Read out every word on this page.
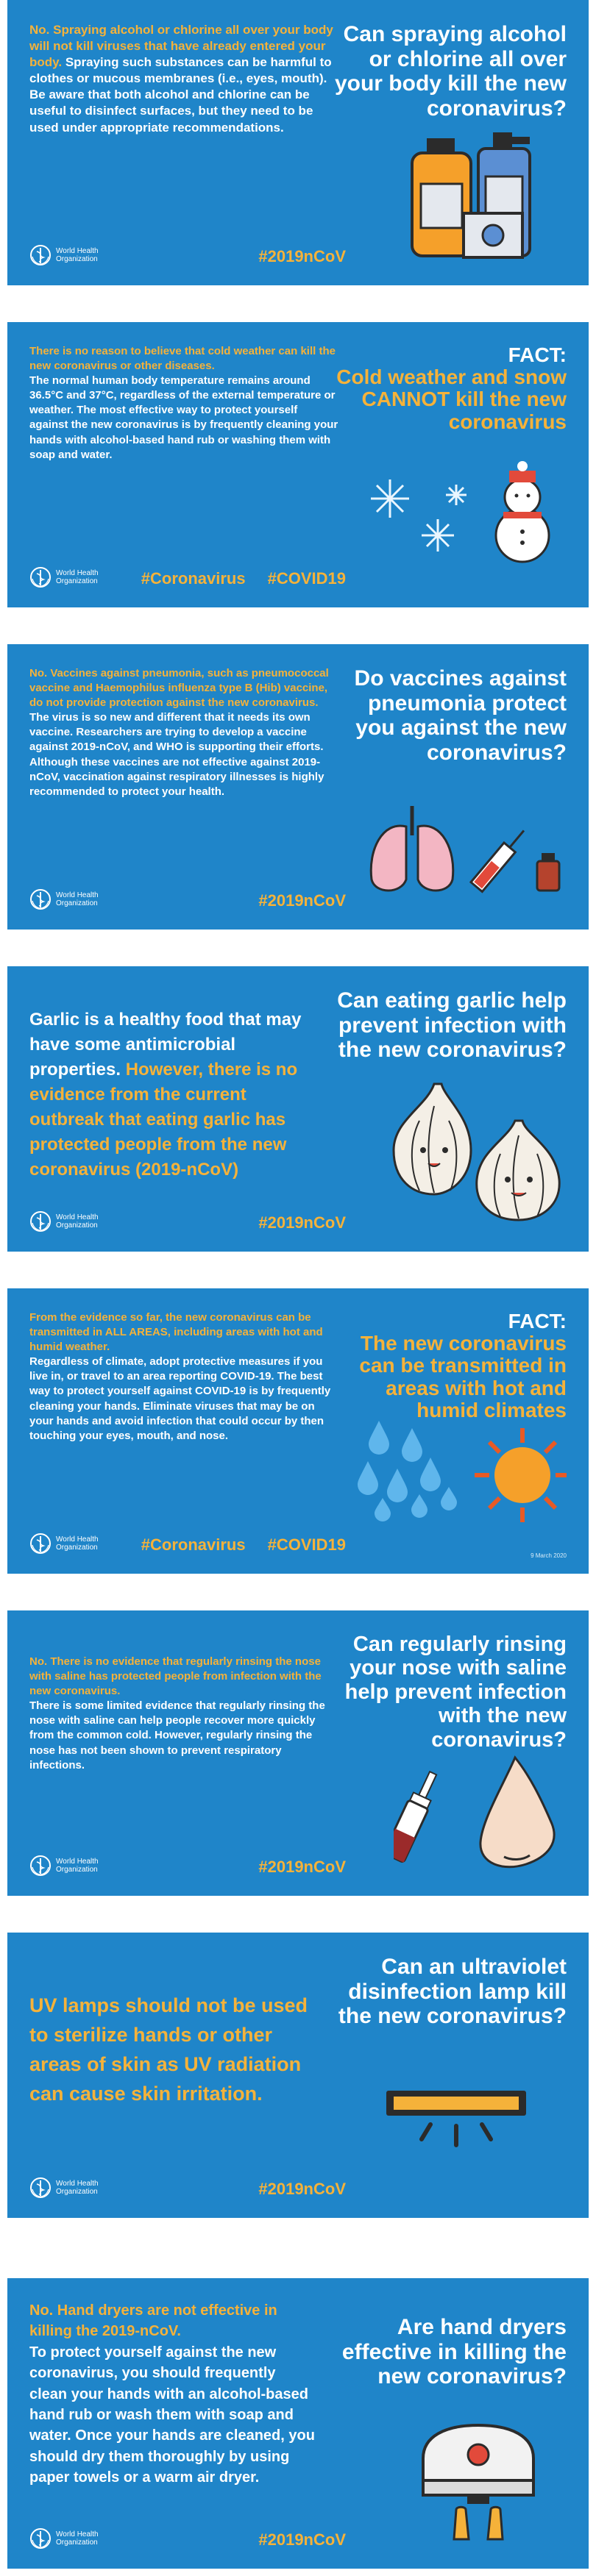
No. Spraying alcohol or chlorine all over your body will not kill viruses that have already entered your body. Spraying such substances can be harmful to clothes or mucous membranes (i.e., eyes, mouth). Be aware that both alcohol and chlorine can be useful to disinfect surfaces, but they need to be used under appropriate recommendations.
Can spraying alcohol or chlorine all over your body kill the new coronavirus?
World Health
Organization	#2019nCoV
There is no reason to believe that cold weather can kill the new coronavirus or other diseases.
The normal human body temperature remains around 36.5°C and 37°C, regardless of the external temperature or weather. The most effective way to protect yourself against the new coronavirus is by frequently cleaning your hands with alcohol-based hand rub or washing them with soap and water.
FACT:
Cold weather and snow CANNOT kill the new coronavirus
World Health
Organization	#Coronavirus #COVID19
No. Vaccines against pneumonia, such as pneumococcal vaccine and Haemophilus influenza type B (Hib) vaccine, do not provide protection against the new coronavirus.
The virus is so new and different that it needs its own vaccine. Researchers are trying to develop a vaccine against 2019-nCoV, and WHO is supporting their efforts. Although these vaccines are not effective against 2019-nCoV, vaccination against respiratory illnesses is highly recommended to protect your health.
Do vaccines against pneumonia protect you against the new coronavirus?
World Health
Organization	#2019nCoV
Garlic is a healthy food that may have some antimicrobial properties. However, there is no evidence from the current outbreak that eating garlic has protected people from the new coronavirus (2019-nCoV)
Can eating garlic help prevent infection with the new coronavirus?
World Health
Organization	#2019nCoV
From the evidence so far, the new coronavirus can be transmitted in ALL AREAS, including areas with hot and humid weather.
Regardless of climate, adopt protective measures if you live in, or travel to an area reporting COVID-19. The best way to protect yourself against COVID-19 is by frequently cleaning your hands. Eliminate viruses that may be on your hands and avoid infection that could occur by then touching your eyes, mouth, and nose.
FACT:
The new coronavirus can be transmitted in areas with hot and humid climates
9 March 2020
World Health
Organization	#Coronavirus #COVID19
No. There is no evidence that regularly rinsing the nose with saline has protected people from infection with the new coronavirus.
There is some limited evidence that regularly rinsing the nose with saline can help people recover more quickly from the common cold. However, regularly rinsing the nose has not been shown to prevent respiratory infections.
Can regularly rinsing your nose with saline help prevent infection with the new coronavirus?
World Health
Organization	#2019nCoV
UV lamps should not be used to sterilize hands or other areas of skin as UV radiation can cause skin irritation.
Can an ultraviolet disinfection lamp kill the new coronavirus?
World Health
Organization	#2019nCoV
No. Hand dryers are not effective in killing the 2019-nCoV.
To protect yourself against the new coronavirus, you should frequently clean your hands with an alcohol-based hand rub or wash them with soap and water. Once your hands are cleaned, you should dry them thoroughly by using paper towels or a warm air dryer.
Are hand dryers effective in killing the new coronavirus?
World Health
Organization	#2019nCoV
